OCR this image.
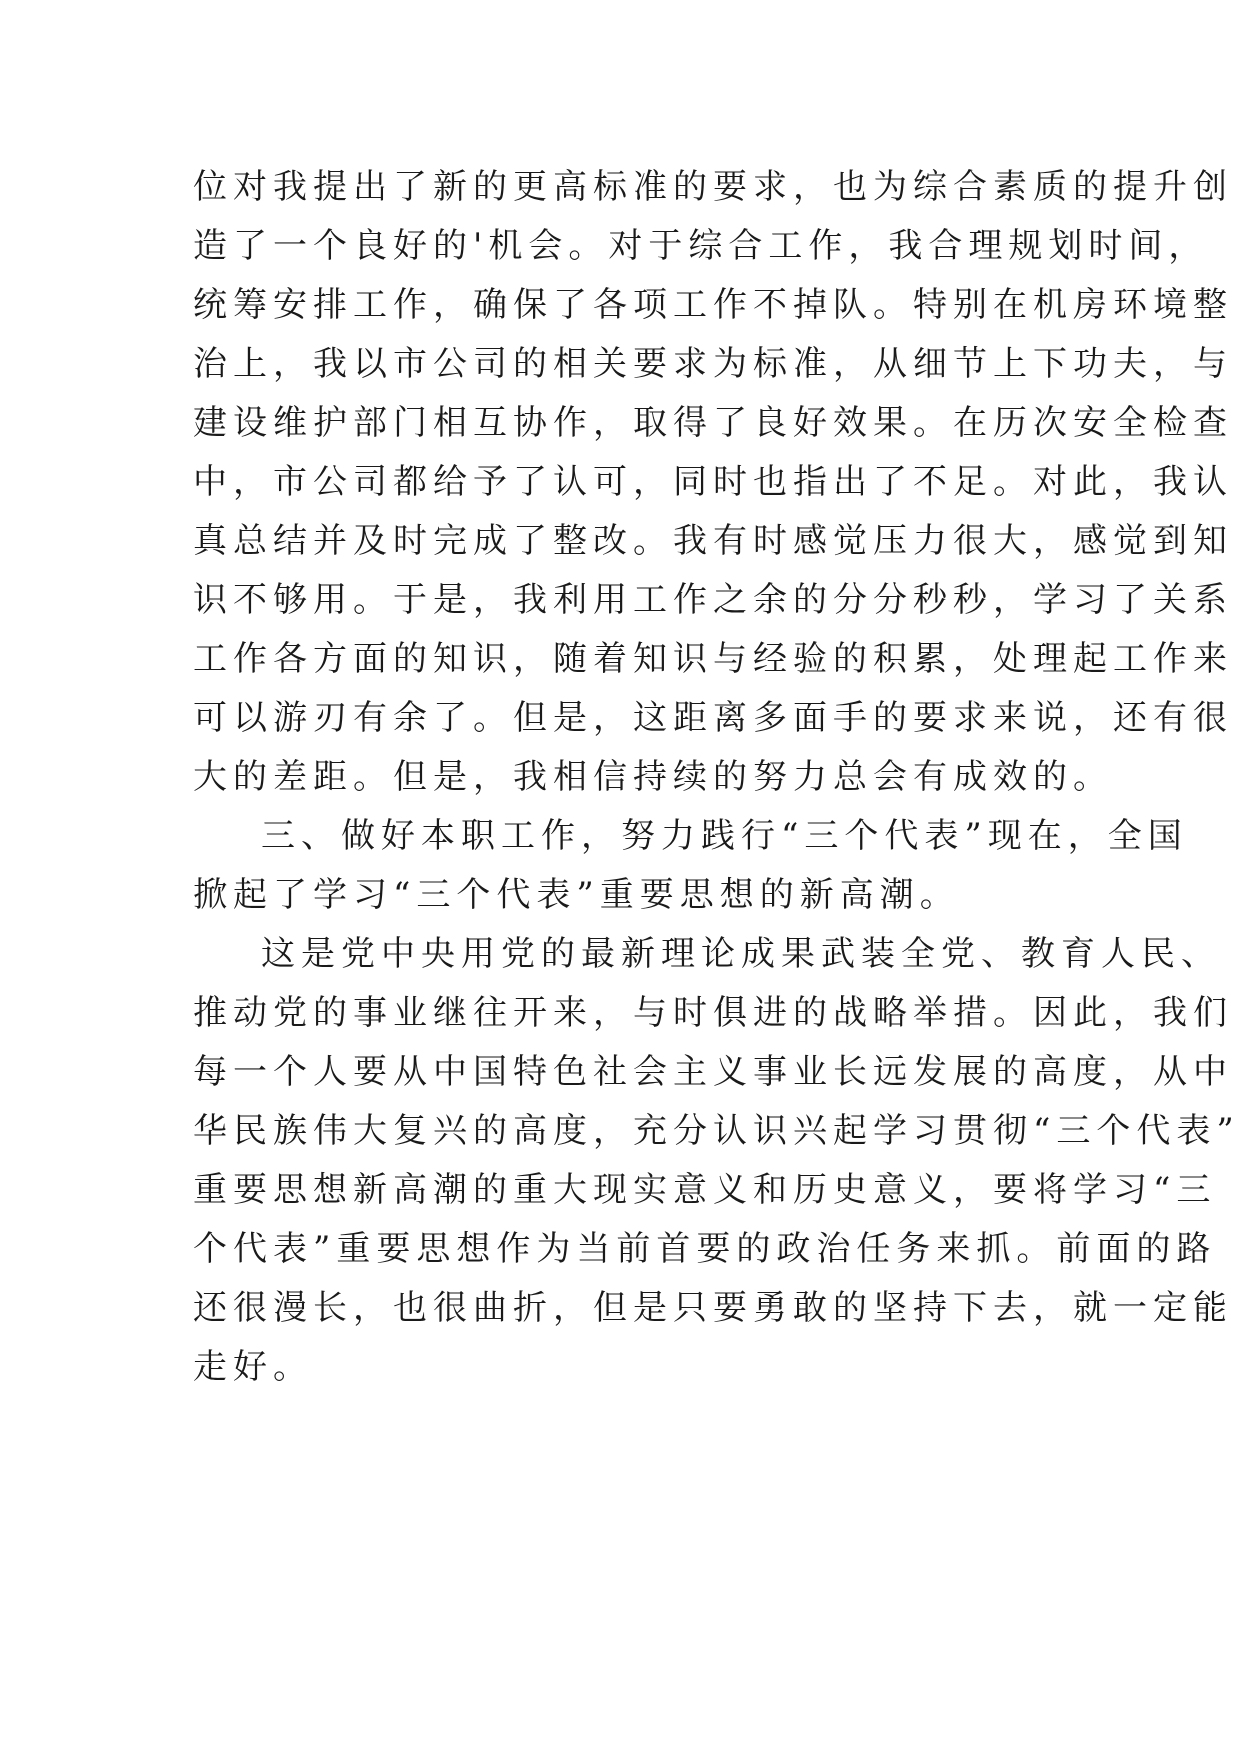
位对我提出了新的更高标准的要求，也为综合素质的提升创
造了一个良好的'机会。对于综合工作，我合理规划时间，
统筹安排工作，确保了各项工作不掉队。特别在机房环境整
治上，我以市公司的相关要求为标准，从细节上下功夫，与
建设维护部门相互协作，取得了良好效果。在历次安全检查
中，市公司都给予了认可，同时也指出了不足。对此，我认
真总结并及时完成了整改。我有时感觉压力很大，感觉到知
识不够用。于是，我利用工作之余的分分秒秒，学习了关系
工作各方面的知识，随着知识与经验的积累，处理起工作来
可以游刃有余了。但是，这距离多面手的要求来说，还有很
大的差距。但是，我相信持续的努力总会有成效的。
三、做好本职工作，努力践行“三个代表”现在，全国
掀起了学习“三个代表”重要思想的新高潮。
这是党中央用党的最新理论成果武装全党、教育人民、
推动党的事业继往开来，与时俱进的战略举措。因此，我们
每一个人要从中国特色社会主义事业长远发展的高度，从中
华民族伟大复兴的高度，充分认识兴起学习贯彻“三个代表”
重要思想新高潮的重大现实意义和历史意义，要将学习“三
个代表”重要思想作为当前首要的政治任务来抓。前面的路
还很漫长，也很曲折，但是只要勇敢的坚持下去，就一定能
走好。
